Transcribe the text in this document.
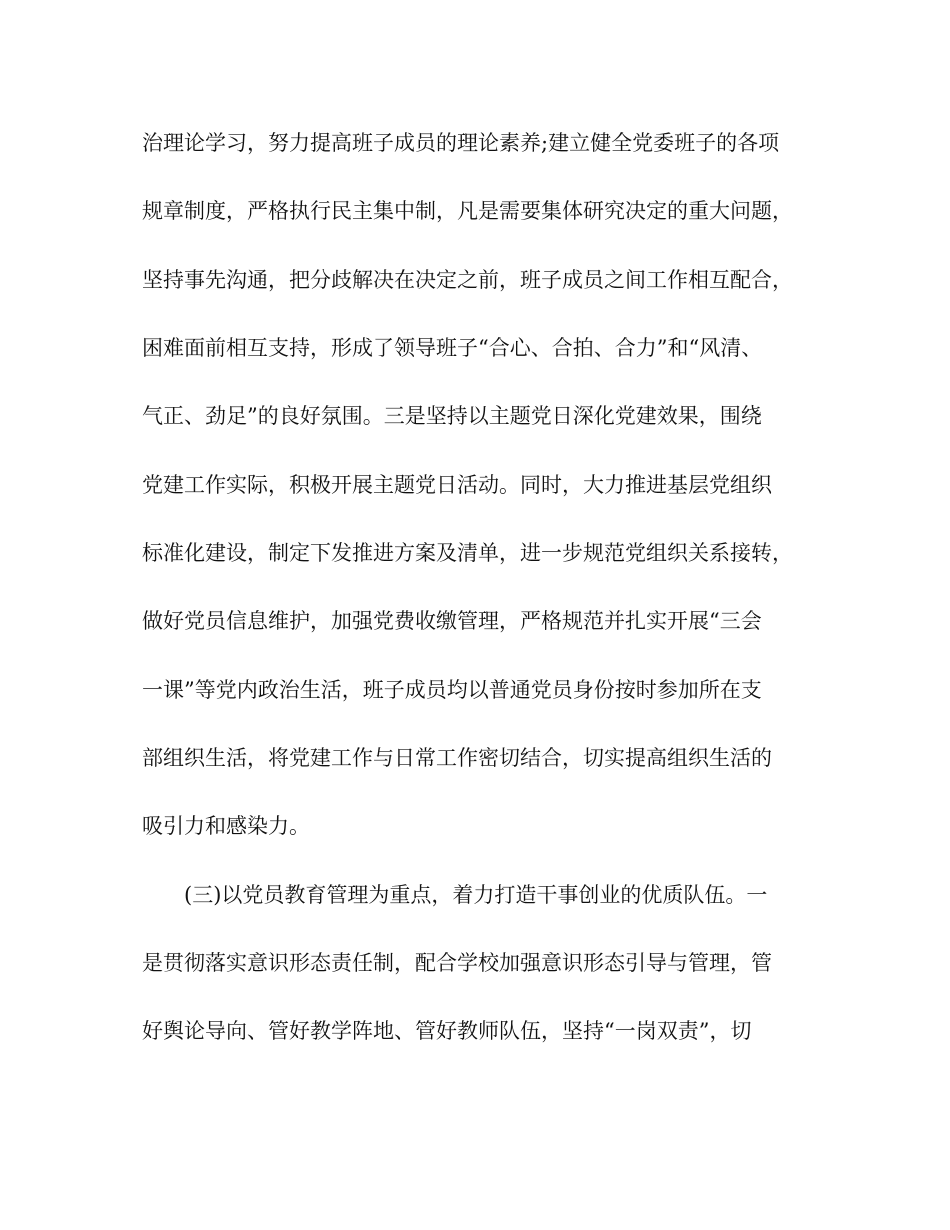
治理论学习，努力提高班子成员的理论素养;建立健全党委班子的各项
规章制度，严格执行民主集中制，凡是需要集体研究决定的重大问题，
坚持事先沟通，把分歧解决在决定之前，班子成员之间工作相互配合，
困难面前相互支持，形成了领导班子“合心、合拍、合力”和“风清、
气正、劲足”的良好氛围。三是坚持以主题党日深化党建效果，围绕
党建工作实际，积极开展主题党日活动。同时，大力推进基层党组织
标准化建设，制定下发推进方案及清单，进一步规范党组织关系接转，
做好党员信息维护，加强党费收缴管理，严格规范并扎实开展“三会
一课”等党内政治生活，班子成员均以普通党员身份按时参加所在支
部组织生活，将党建工作与日常工作密切结合，切实提高组织生活的
吸引力和感染力。
(三)以党员教育管理为重点，着力打造干事创业的优质队伍。一
是贯彻落实意识形态责任制，配合学校加强意识形态引导与管理，管
好舆论导向、管好教学阵地、管好教师队伍，坚持“一岗双责”，切
